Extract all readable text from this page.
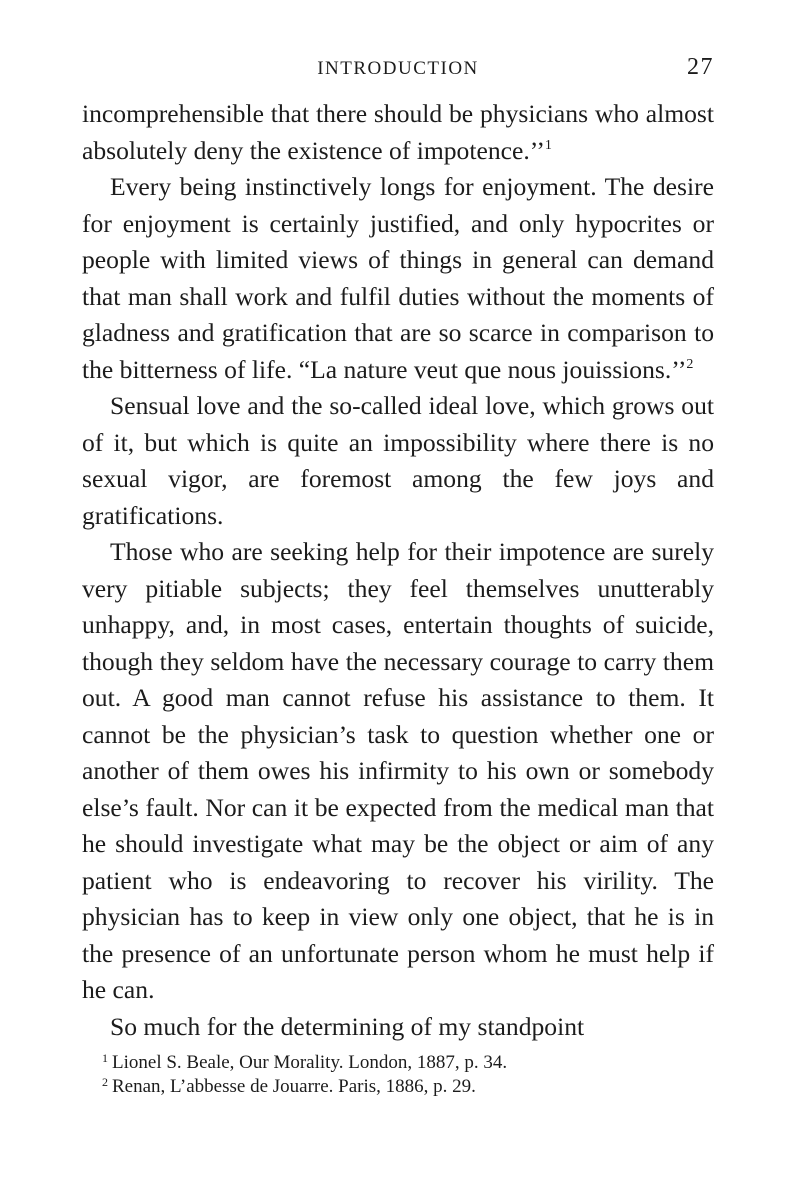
INTRODUCTION	27

incomprehensible that there should be physicians who almost absolutely deny the existence of impotence.’’$^1$

Every being instinctively longs for enjoyment. The desire for enjoyment is certainly justified, and only hypocrites or people with limited views of things in general can demand that man shall work and fulfil duties without the moments of gladness and gratification that are so scarce in comparison to the bitterness of life. “La nature veut que nous jouissions.’’$^2$

Sensual love and the so-called ideal love, which grows out of it, but which is quite an impossibility where there is no sexual vigor, are foremost among the few joys and gratifications.

Those who are seeking help for their impotence are surely very pitiable subjects; they feel themselves unutterably unhappy, and, in most cases, entertain thoughts of suicide, though they seldom have the necessary courage to carry them out. A good man cannot refuse his assistance to them. It cannot be the physician’s task to question whether one or another of them owes his infirmity to his own or somebody else’s fault. Nor can it be expected from the medical man that he should investigate what may be the object or aim of any patient who is endeavoring to recover his virility. The physician has to keep in view only one object, that he is in the presence of an unfortunate person whom he must help if he can.

So much for the determining of my standpoint

$^1$ Lionel S. Beale, Our Morality. London, 1887, p. 34.
$^2$ Renan, L’abbesse de Jouarre. Paris, 1886, p. 29.
